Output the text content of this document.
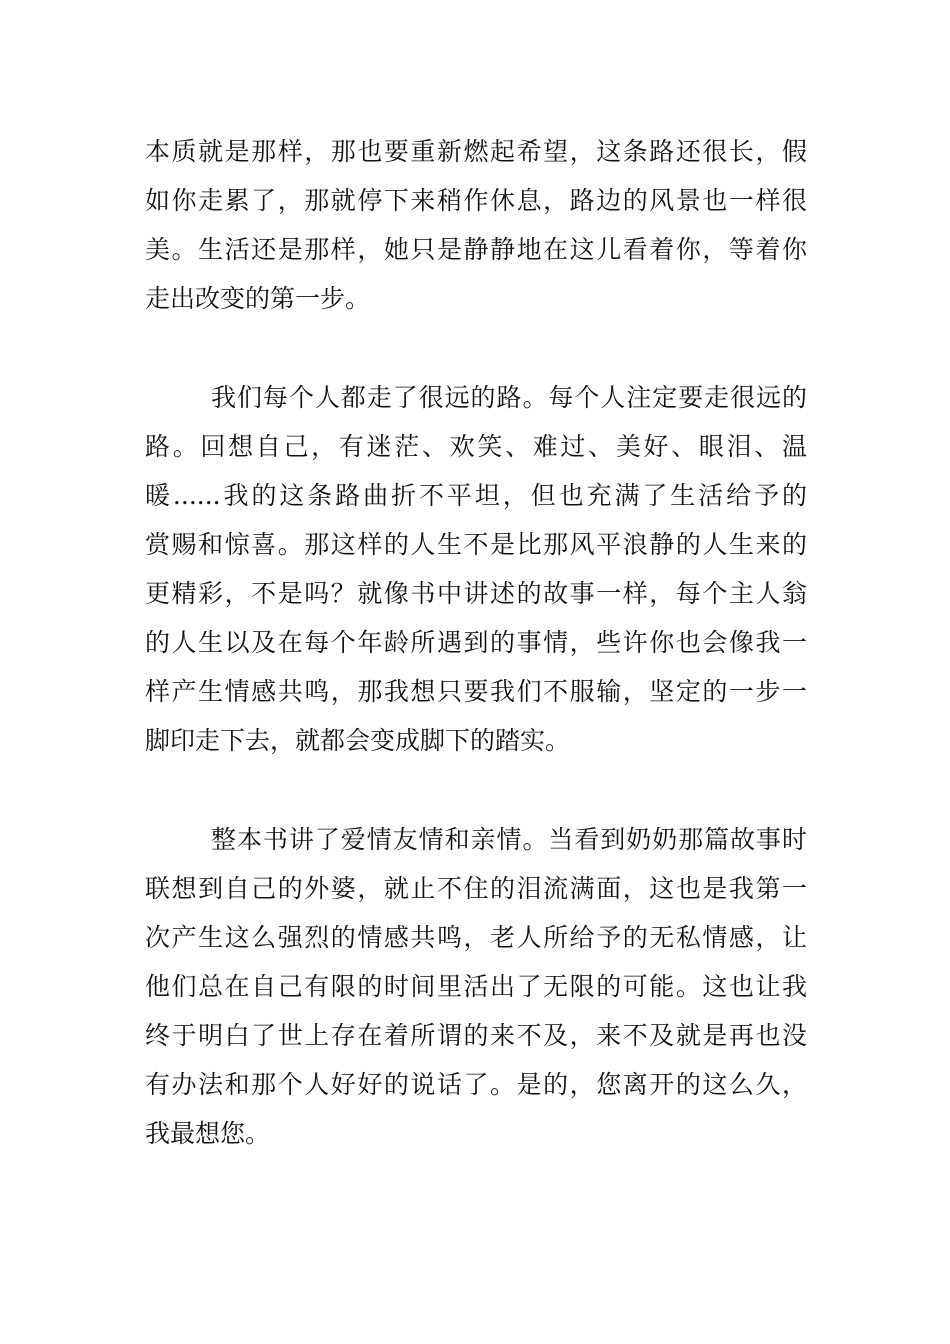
本质就是那样，那也要重新燃起希望，这条路还很长，假
如你走累了，那就停下来稍作休息，路边的风景也一样很
美。生活还是那样，她只是静静地在这儿看着你，等着你
走出改变的第一步。
我们每个人都走了很远的路。每个人注定要走很远的
路。回想自己，有迷茫、欢笑、难过、美好、眼泪、温
暖......我的这条路曲折不平坦，但也充满了生活给予的
赏赐和惊喜。那这样的人生不是比那风平浪静的人生来的
更精彩，不是吗？就像书中讲述的故事一样，每个主人翁
的人生以及在每个年龄所遇到的事情，些许你也会像我一
样产生情感共鸣，那我想只要我们不服输，坚定的一步一
脚印走下去，就都会变成脚下的踏实。
整本书讲了爱情友情和亲情。当看到奶奶那篇故事时
联想到自己的外婆，就止不住的泪流满面，这也是我第一
次产生这么强烈的情感共鸣，老人所给予的无私情感，让
他们总在自己有限的时间里活出了无限的可能。这也让我
终于明白了世上存在着所谓的来不及，来不及就是再也没
有办法和那个人好好的说话了。是的，您离开的这么久，
我最想您。
